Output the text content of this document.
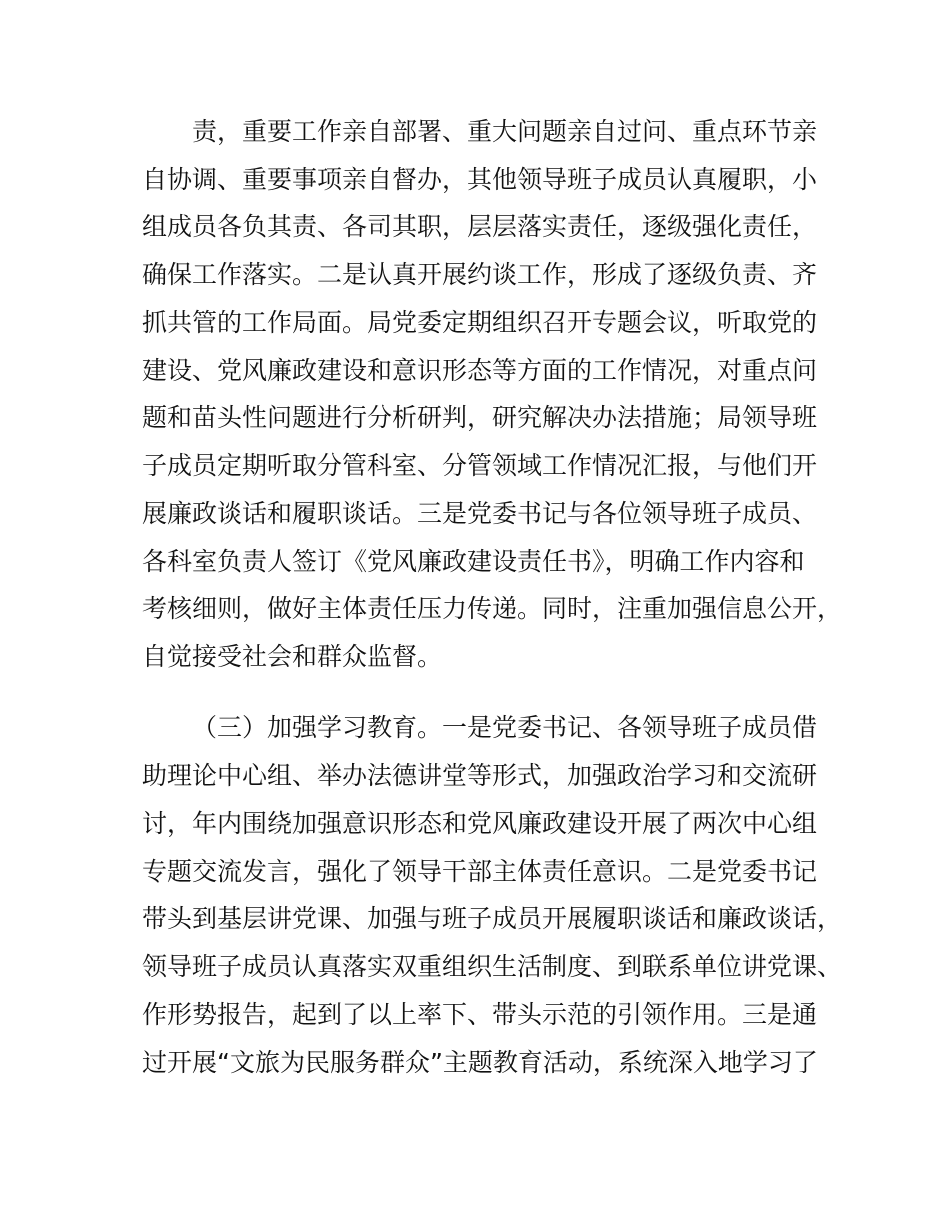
责，重要工作亲自部署、重大问题亲自过问、重点环节亲
自协调、重要事项亲自督办，其他领导班子成员认真履职，小
组成员各负其责、各司其职，层层落实责任，逐级强化责任，
确保工作落实。二是认真开展约谈工作，形成了逐级负责、齐
抓共管的工作局面。局党委定期组织召开专题会议，听取党的
建设、党风廉政建设和意识形态等方面的工作情况，对重点问
题和苗头性问题进行分析研判，研究解决办法措施；局领导班
子成员定期听取分管科室、分管领域工作情况汇报，与他们开
展廉政谈话和履职谈话。三是党委书记与各位领导班子成员、
各科室负责人签订《党风廉政建设责任书》，明确工作内容和
考核细则，做好主体责任压力传递。同时，注重加强信息公开，
自觉接受社会和群众监督。
（三）加强学习教育。一是党委书记、各领导班子成员借
助理论中心组、举办法德讲堂等形式，加强政治学习和交流研
讨，年内围绕加强意识形态和党风廉政建设开展了两次中心组
专题交流发言，强化了领导干部主体责任意识。二是党委书记
带头到基层讲党课、加强与班子成员开展履职谈话和廉政谈话，
领导班子成员认真落实双重组织生活制度、到联系单位讲党课、
作形势报告，起到了以上率下、带头示范的引领作用。三是通
过开展“文旅为民服务群众”主题教育活动，系统深入地学习了
